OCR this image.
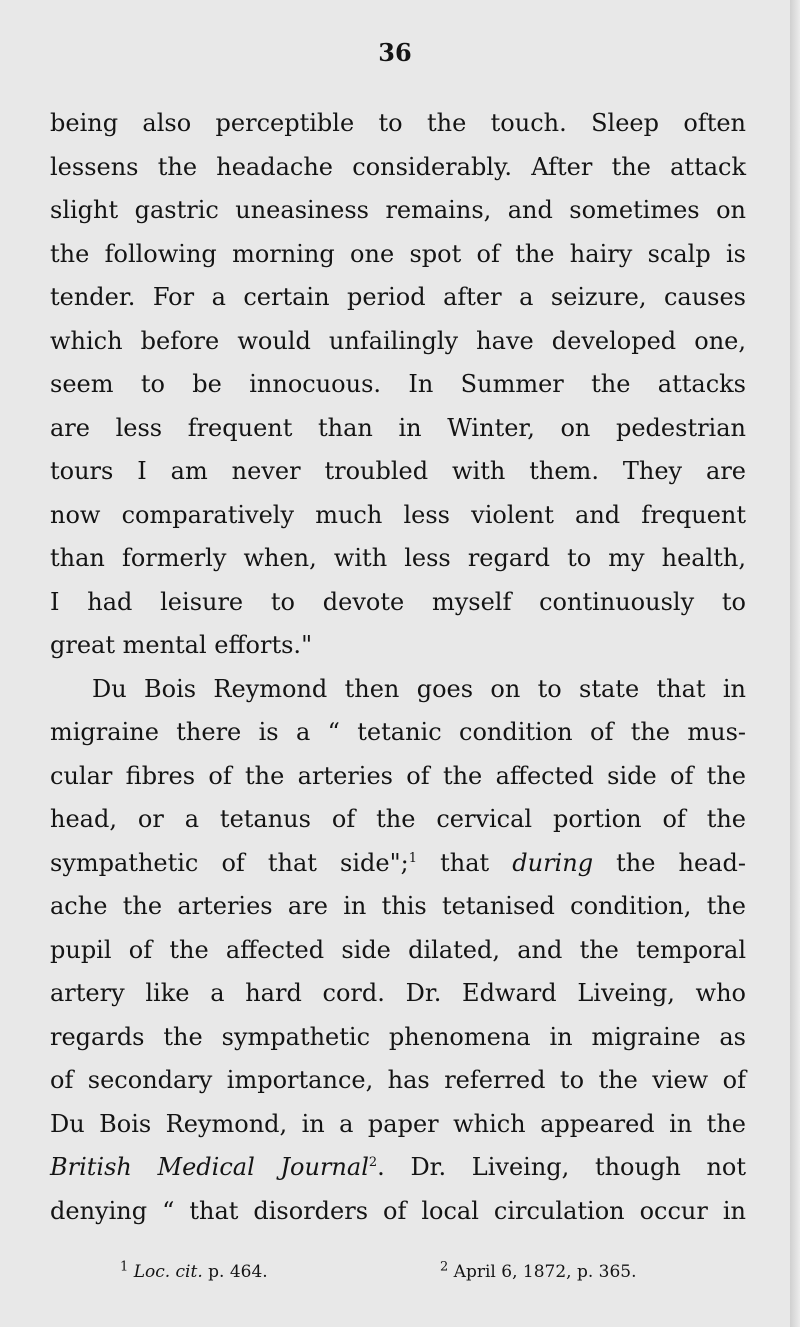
36
being also perceptible to the touch. Sleep often
lessens the headache considerably. After the attack
slight gastric uneasiness remains, and sometimes on
the following morning one spot of the hairy scalp is
tender. For a certain period after a seizure, causes
which before would unfailingly have developed one,
seem to be innocuous. In Summer the attacks
are less frequent than in Winter, on pedestrian
tours I am never troubled with them. They are
now comparatively much less violent and frequent
than formerly when, with less regard to my health,
I had leisure to devote myself continuously to
great mental efforts."
Du Bois Reymond then goes on to state that in
migraine there is a “ tetanic condition of the mus-
cular fibres of the arteries of the affected side of the
head, or a tetanus of the cervical portion of the
sympathetic of that side";$^1$ that during the head-
ache the arteries are in this tetanised condition, the
pupil of the affected side dilated, and the temporal
artery like a hard cord. Dr. Edward Liveing, who
regards the sympathetic phenomena in migraine as
of secondary importance, has referred to the view of
Du Bois Reymond, in a paper which appeared in the
British Medical Journal$^2$. Dr. Liveing, though not
denying “ that disorders of local circulation occur in
$^1$ Loc. cit. p. 464.	$^2$ April 6, 1872, p. 365.
